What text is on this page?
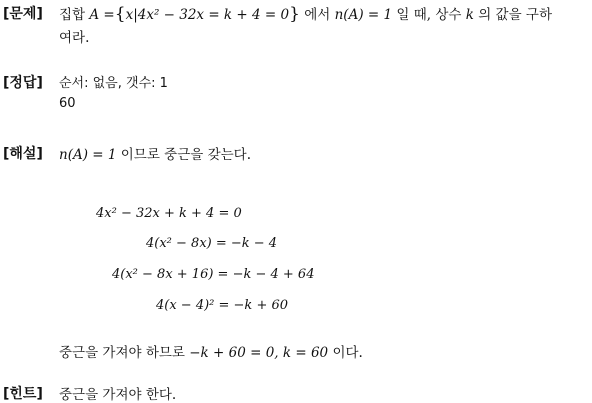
[문제] 집합 A ={x|4x² − 32x = k + 4 = 0} 에서 n(A) = 1 일 때, 상수 k 의 값을 구하
여라.
[정답] 순서: 없음, 갯수: 1
60
[해설] n(A) = 1 이므로 중근을 갖는다.
4x² − 32x + k + 4 = 0
4(x² − 8x) = −k − 4
4(x² − 8x + 16) = −k − 4 + 64
4(x − 4)² = −k + 60
중근을 가져야 하므로 −k + 60 = 0, k = 60 이다.
[힌트] 중근을 가져야 한다.
